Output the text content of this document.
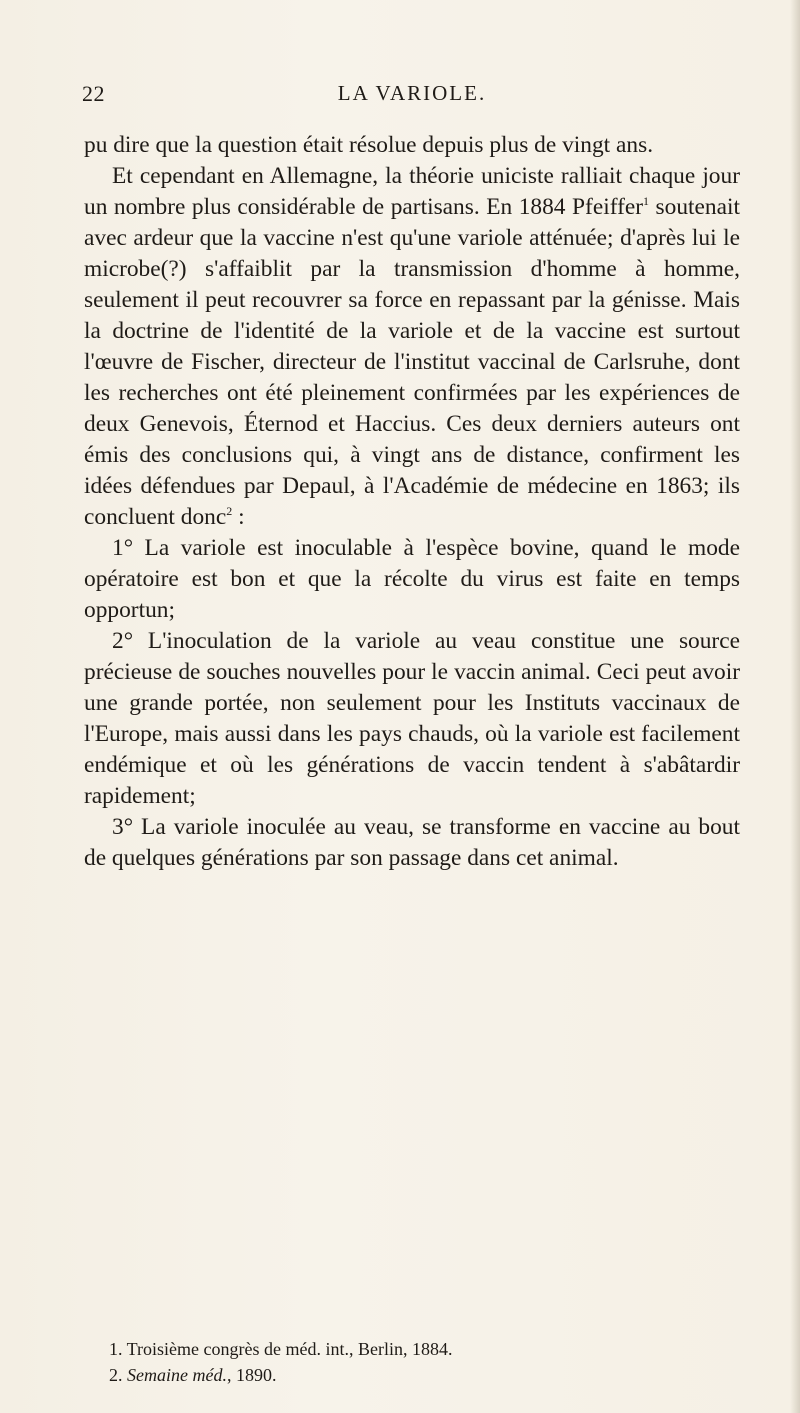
22	LA VARIOLE.

pu dire que la question était résolue depuis plus de vingt ans.

Et cependant en Allemagne, la théorie uniciste ralliait chaque jour un nombre plus considérable de partisans. En 1884 Pfeiffer$^1$ soutenait avec ardeur que la vaccine n'est qu'une variole atténuée; d'après lui le microbe(?) s'affaiblit par la transmission d'homme à homme, seulement il peut recouvrer sa force en repassant par la génisse. Mais la doctrine de l'identité de la variole et de la vaccine est surtout l'œuvre de Fischer, directeur de l'institut vaccinal de Carlsruhe, dont les recherches ont été pleinement confirmées par les expériences de deux Genevois, Éternod et Haccius. Ces deux derniers auteurs ont émis des conclusions qui, à vingt ans de distance, confirment les idées défendues par Depaul, à l'Académie de médecine en 1863; ils concluent donc$^2$ :

1° La variole est inoculable à l'espèce bovine, quand le mode opératoire est bon et que la récolte du virus est faite en temps opportun;

2° L'inoculation de la variole au veau constitue une source précieuse de souches nouvelles pour le vaccin animal. Ceci peut avoir une grande portée, non seulement pour les Instituts vaccinaux de l'Europe, mais aussi dans les pays chauds, où la variole est facilement endémique et où les générations de vaccin tendent à s'abâtardir rapidement;

3° La variole inoculée au veau, se transforme en vaccine au bout de quelques générations par son passage dans cet animal.

1. Troisième congrès de méd. int., Berlin, 1884.

2. Semaine méd., 1890.
